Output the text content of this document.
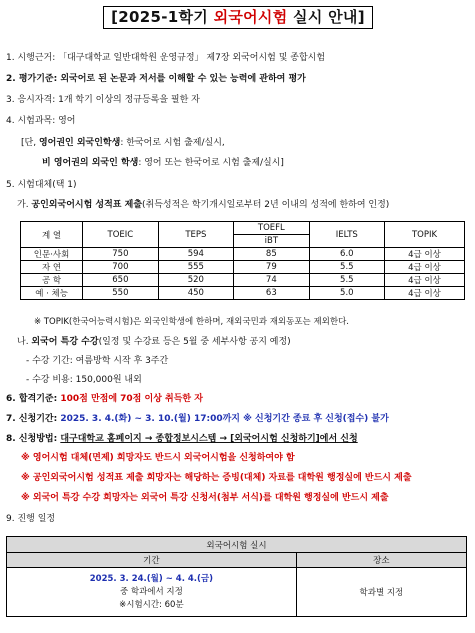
[2025-1학기 외국어시험 실시 안내]
1. 시행근거: 「대구대학교 일반대학원 운영규정」 제7장 외국어시험 및 종합시험
2. 평가기준: 외국어로 된 논문과 저서를 이해할 수 있는 능력에 관하여 평가
3. 응시자격: 1개 학기 이상의 정규등록을 필한 자
4. 시험과목: 영어
[단, 영어권인 외국인학생: 한국어로 시험 출제/실시,
비 영어권의 외국인 학생: 영어 또는 한국어로 시험 출제/실시]
5. 시험대체(택 1)
가. 공인외국어시험 성적표 제출(취득성적은 학기개시일로부터 2년 이내의 성적에 한하여 인정)
계 열	TOEIC	TEPS	TOEFL	IELTS	TOPIK
			iBT		
인문·사회	750	594	85	6.0	4급 이상
자 연	700	555	79	5.5	4급 이상
공 학	650	520	74	5.5	4급 이상
예 · 체능	550	450	63	5.0	4급 이상
※ TOPIK(한국어능력시험)은 외국인학생에 한하며, 재외국민과 재외동포는 제외한다.
나. 외국어 특강 수강(일정 및 수강료 등은 5월 중 세부사항 공지 예정)
- 수강 기간: 여름방학 시작 후 3주간
- 수강 비용: 150,000원 내외
6. 합격기준: 100점 만점에 70점 이상 취득한 자
7. 신청기간: 2025. 3. 4.(화) ~ 3. 10.(월) 17:00까지 ※ 신청기간 종료 후 신청(접수) 불가
8. 신청방법: 대구대학교 홈페이지 → 종합정보시스템 → [외국어시험 신청하기]에서 신청
※ 영어시험 대체(면제) 희망자도 반드시 외국어시험을 신청하여야 함
※ 공인외국어시험 성적표 제출 희망자는 해당하는 증빙(대체) 자료를 대학원 행정실에 반드시 제출
※ 외국어 특강 수강 희망자는 외국어 특강 신청서(첨부 서식)를 대학원 행정실에 반드시 제출
9. 진행 일정
외국어시험 실시	
기간	장소

2025. 3. 24.(월) ~ 4. 4.(금)
중 학과에서 지정
※시험시간: 60분	학과별 지정
